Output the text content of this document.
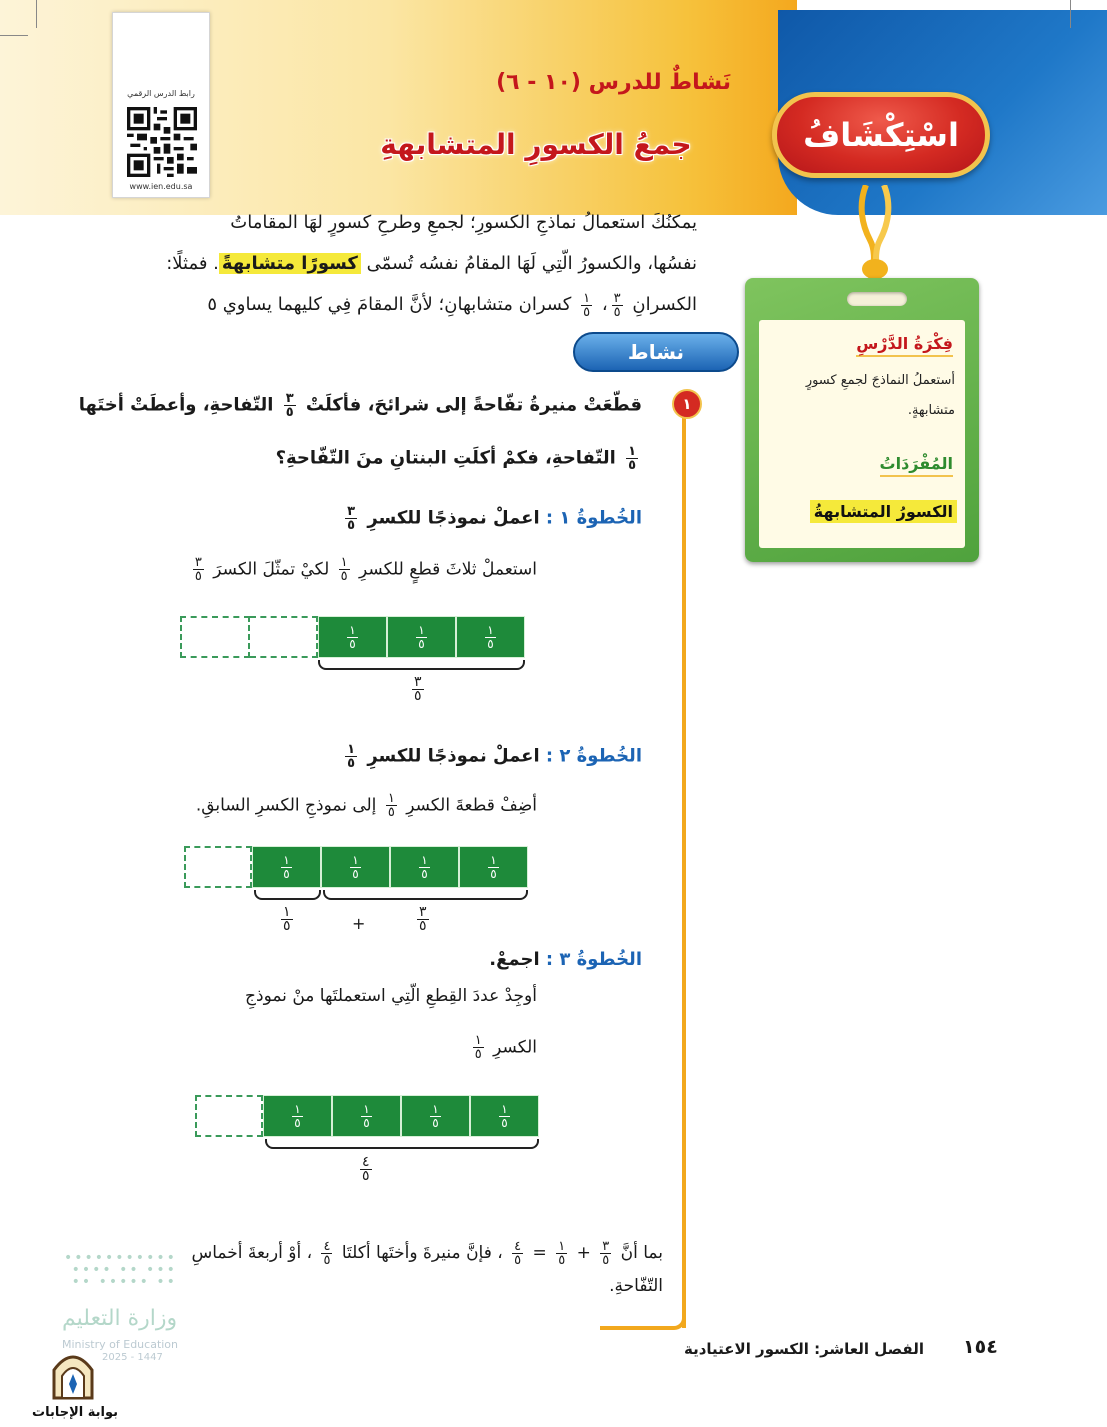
رابط الدرس الرقمي
www.ien.edu.sa
نَشاطٌ للدرس (١٠ - ٦)
جمعُ الكسورِ المتشابهةِ	اسْتِكْشَافُ
فِكْرَةُ الدَّرْسِ
أستعملُ النماذجَ لجمعِ كسورٍ متشابهةٍ.
المُفْرَدَاتُ
الكسورُ المتشابهةُ
يمكنُكَ استعمالُ نماذجِ الكسورِ؛ لجمعِ وطرحِ كسورٍ لهَا المقاماتُ
نفسُها، والكسورُ الّتِي لَهَا المقامُ نفسُه تُسمّى كسورًا متشابهةً. فمثلًا:
الكسرانِ
$\frac{٣}{٥}$
،
$\frac{١}{٥}$
كسران متشابهانِ؛ لأنَّ المقامَ فِي كليهما يساوي ٥
نشاط
١
قطّعَتْ منيرةُ تفّاحةً إلى شرائحَ، فأكلَتْ
$\frac{٣}{٥}$
التّفاحةِ، وأعطَتْ أختَها
$\frac{١}{٥}$
التّفاحةِ، فكمْ أكلَتِ البنتانِ منَ التّفّاحةِ؟
الخُطوةُ ١ : اعملْ نموذجًا للكسرِ
$\frac{٣}{٥}$
استعملْ ثلاثَ قطعٍ للكسرِ
$\frac{١}{٥}$
لكيْ تمثّلَ الكسرَ
$\frac{٣}{٥}$
$\frac{١}{٥}$	$\frac{١}{٥}$	$\frac{١}{٥}$
$\frac{٣}{٥}$
الخُطوةُ ٢ : اعملْ نموذجًا للكسرِ
$\frac{١}{٥}$
أضِفْ قطعةَ الكسرِ
$\frac{١}{٥}$
إلى نموذجِ الكسرِ السابقِ.
$\frac{١}{٥}$	$\frac{١}{٥}$	$\frac{١}{٥}$	$\frac{١}{٥}$
$\frac{١}{٥}$	+	$\frac{٣}{٥}$
الخُطوةُ ٣ : اجمعْ.
أوجِدْ عددَ القِطعِ الّتِي استعملتَها منْ نموذجِ
الكسرِ
$\frac{١}{٥}$
$\frac{١}{٥}$	$\frac{١}{٥}$	$\frac{١}{٥}$	$\frac{١}{٥}$
$\frac{٤}{٥}$
بما أنَّ
$\frac{٣}{٥}$
+
$\frac{١}{٥}$
=
$\frac{٤}{٥}$
، فإنَّ منيرةَ وأختَها أكلتَا
$\frac{٤}{٥}$
، أوْ أربعةَ أخماسِ
التّفّاحةِ.
•••••••••••
••• •• ••••
•• ••••• ••
وزارة التعليم
Ministry of Education
2025 - 1447
بوابة الإجابات
الفصل العاشر: الكسور الاعتيادية ١٥٤
